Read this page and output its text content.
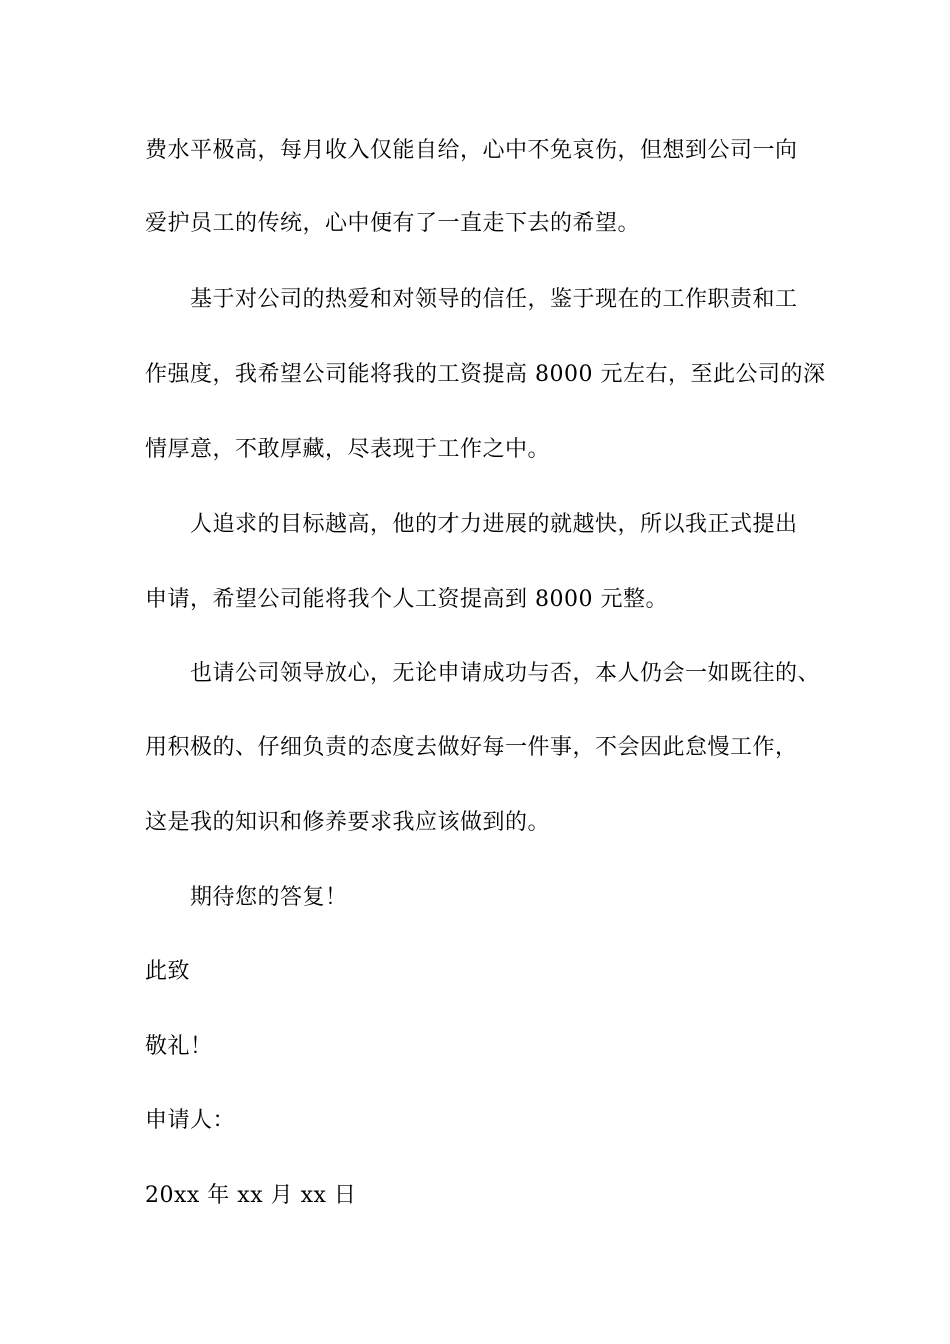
费水平极高，每月收入仅能自给，心中不免哀伤，但想到公司一向
爱护员工的传统，心中便有了一直走下去的希望。
基于对公司的热爱和对领导的信任，鉴于现在的工作职责和工
作强度，我希望公司能将我的工资提高 8000 元左右，至此公司的深
情厚意，不敢厚藏，尽表现于工作之中。
人追求的目标越高，他的才力进展的就越快，所以我正式提出
申请，希望公司能将我个人工资提高到 8000 元整。
也请公司领导放心，无论申请成功与否，本人仍会一如既往的、
用积极的、仔细负责的态度去做好每一件事，不会因此怠慢工作，
这是我的知识和修养要求我应该做到的。
期待您的答复！
此致
敬礼！
申请人：
20xx 年 xx 月 xx 日
